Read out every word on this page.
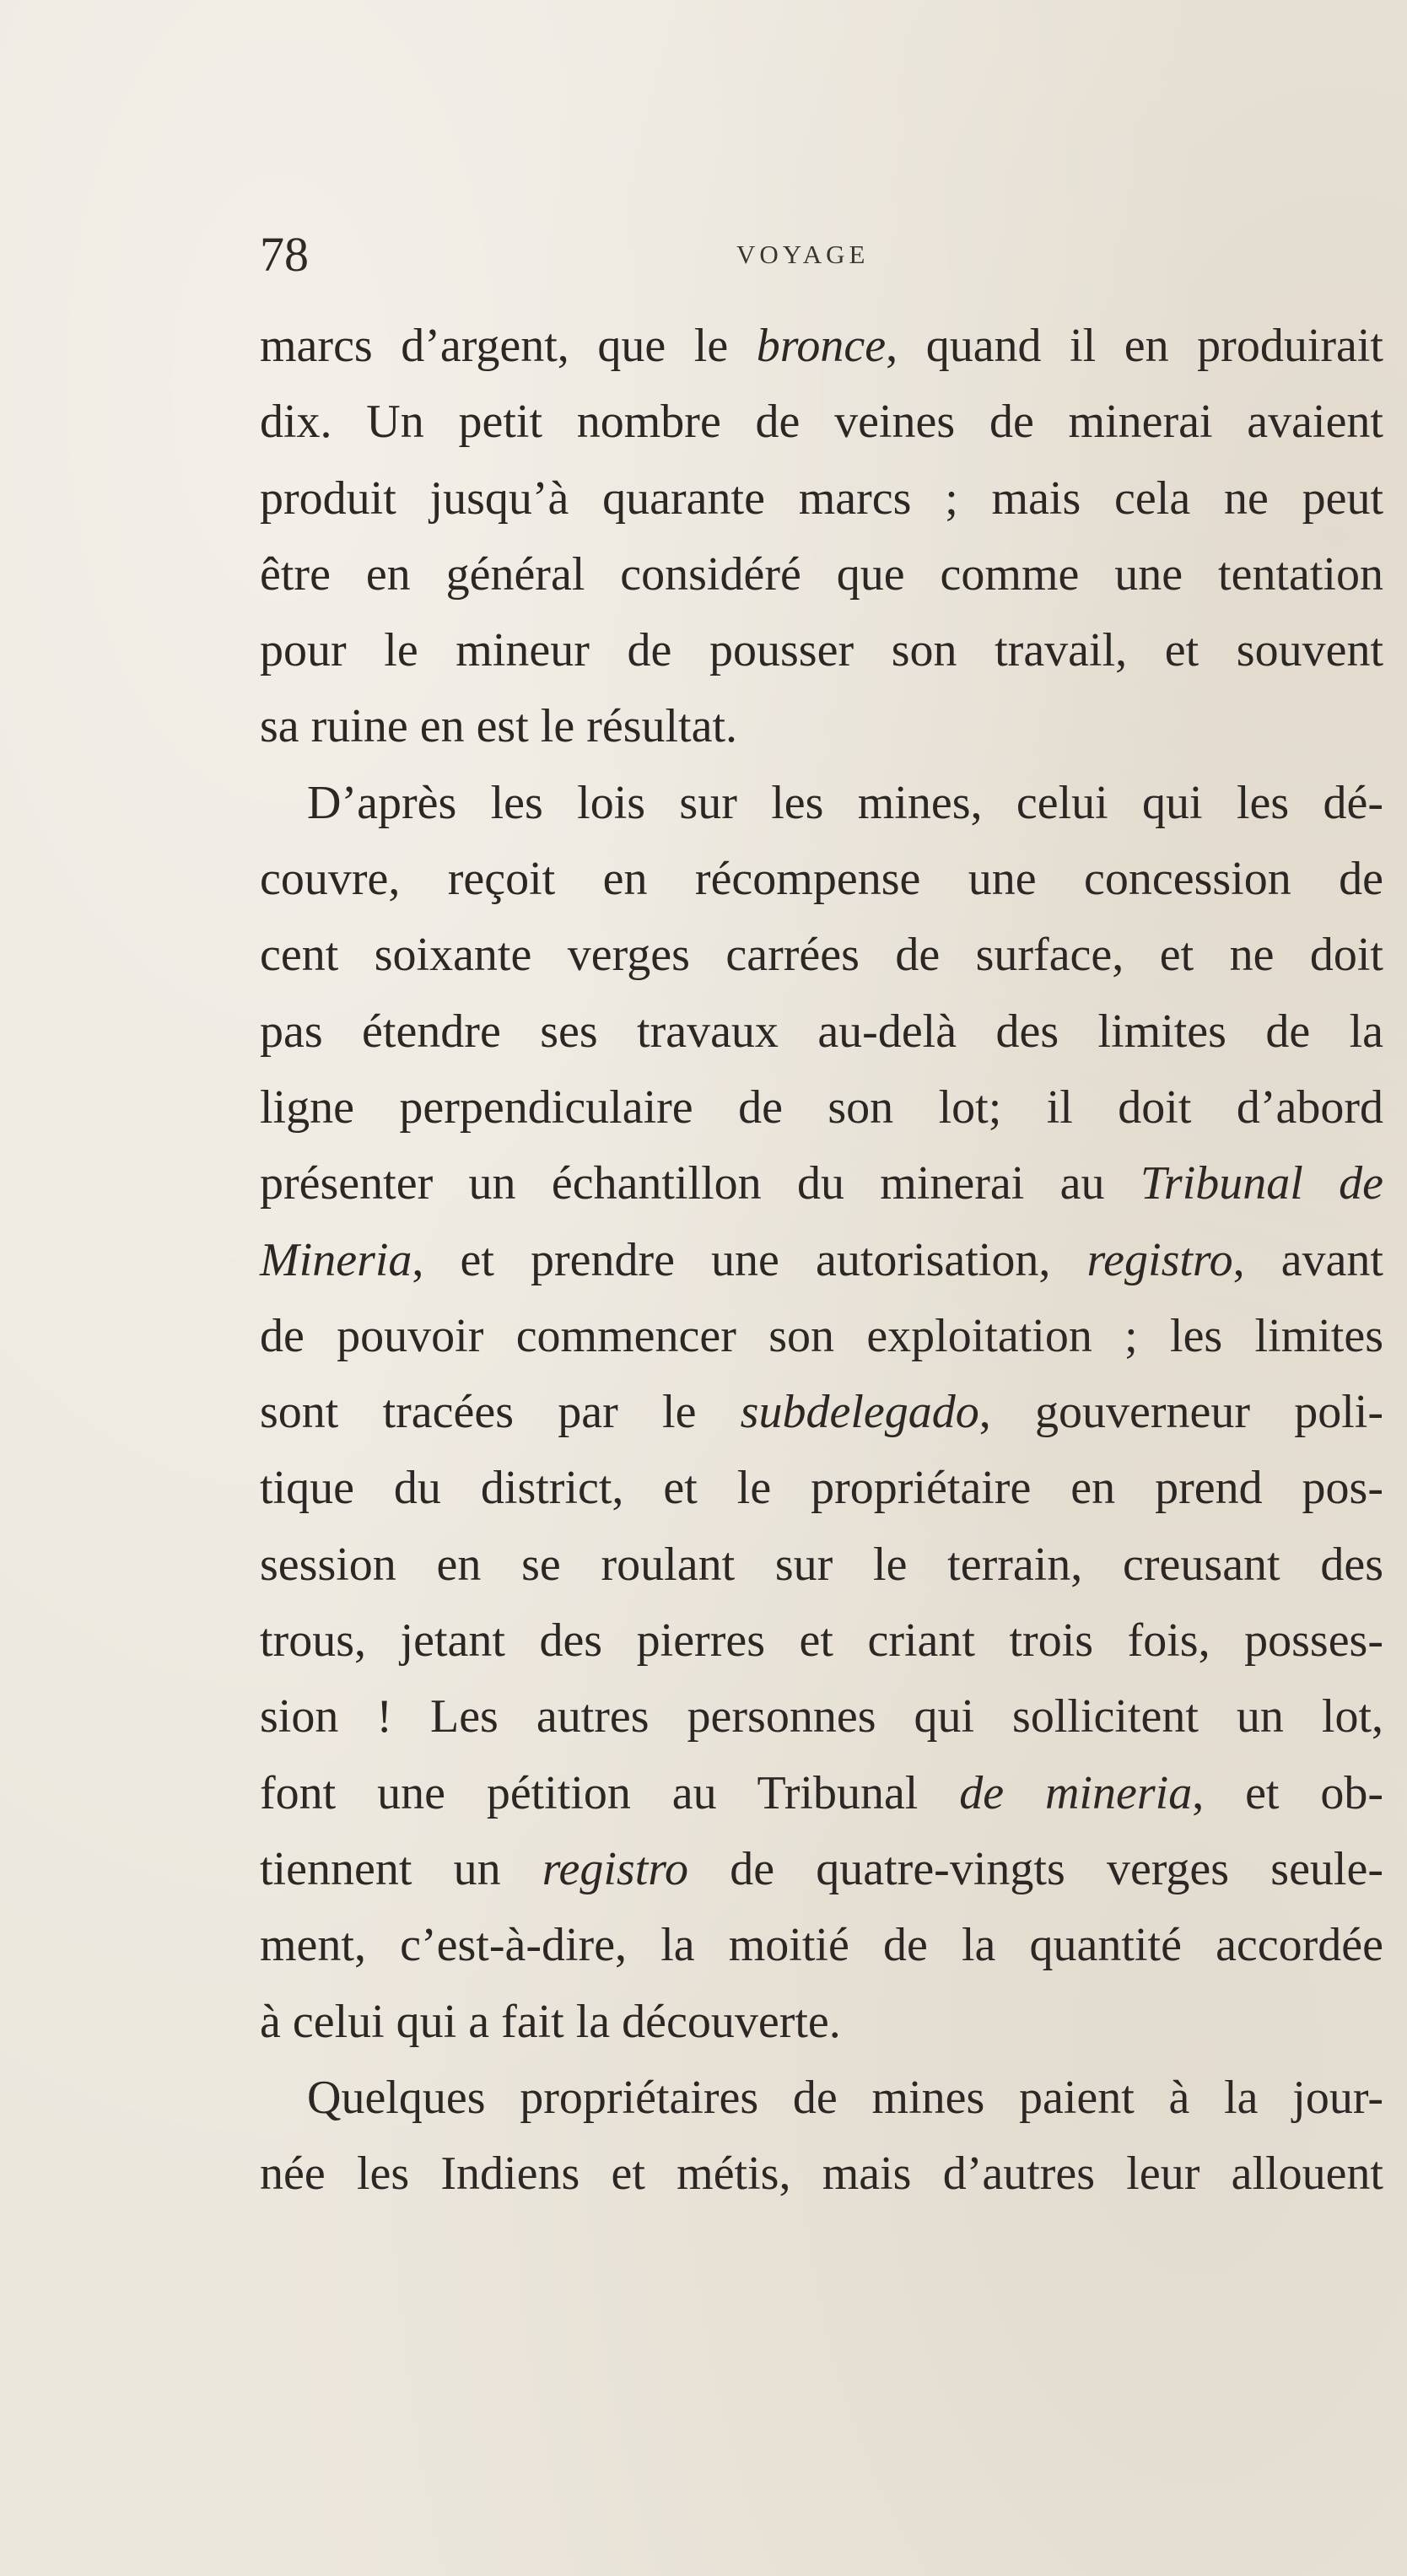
78	VOYAGE
marcs d’argent, que le bronce, quand il en produirait
dix. Un petit nombre de veines de minerai avaient
produit jusqu’à quarante marcs ; mais cela ne peut
être en général considéré que comme une tentation
pour le mineur de pousser son travail, et souvent
sa ruine en est le résultat.
D’après les lois sur les mines, celui qui les dé-
couvre, reçoit en récompense une concession de
cent soixante verges carrées de surface, et ne doit
pas étendre ses travaux au-delà des limites de la
ligne perpendiculaire de son lot; il doit d’abord
présenter un échantillon du minerai au Tribunal de
Mineria, et prendre une autorisation, registro, avant
de pouvoir commencer son exploitation ; les limites
sont tracées par le subdelegado, gouverneur poli-
tique du district, et le propriétaire en prend pos-
session en se roulant sur le terrain, creusant des
trous, jetant des pierres et criant trois fois, posses-
sion ! Les autres personnes qui sollicitent un lot,
font une pétition au Tribunal de mineria, et ob-
tiennent un registro de quatre-vingts verges seule-
ment, c’est-à-dire, la moitié de la quantité accordée
à celui qui a fait la découverte.
Quelques propriétaires de mines paient à la jour-
née les Indiens et métis, mais d’autres leur allouent
